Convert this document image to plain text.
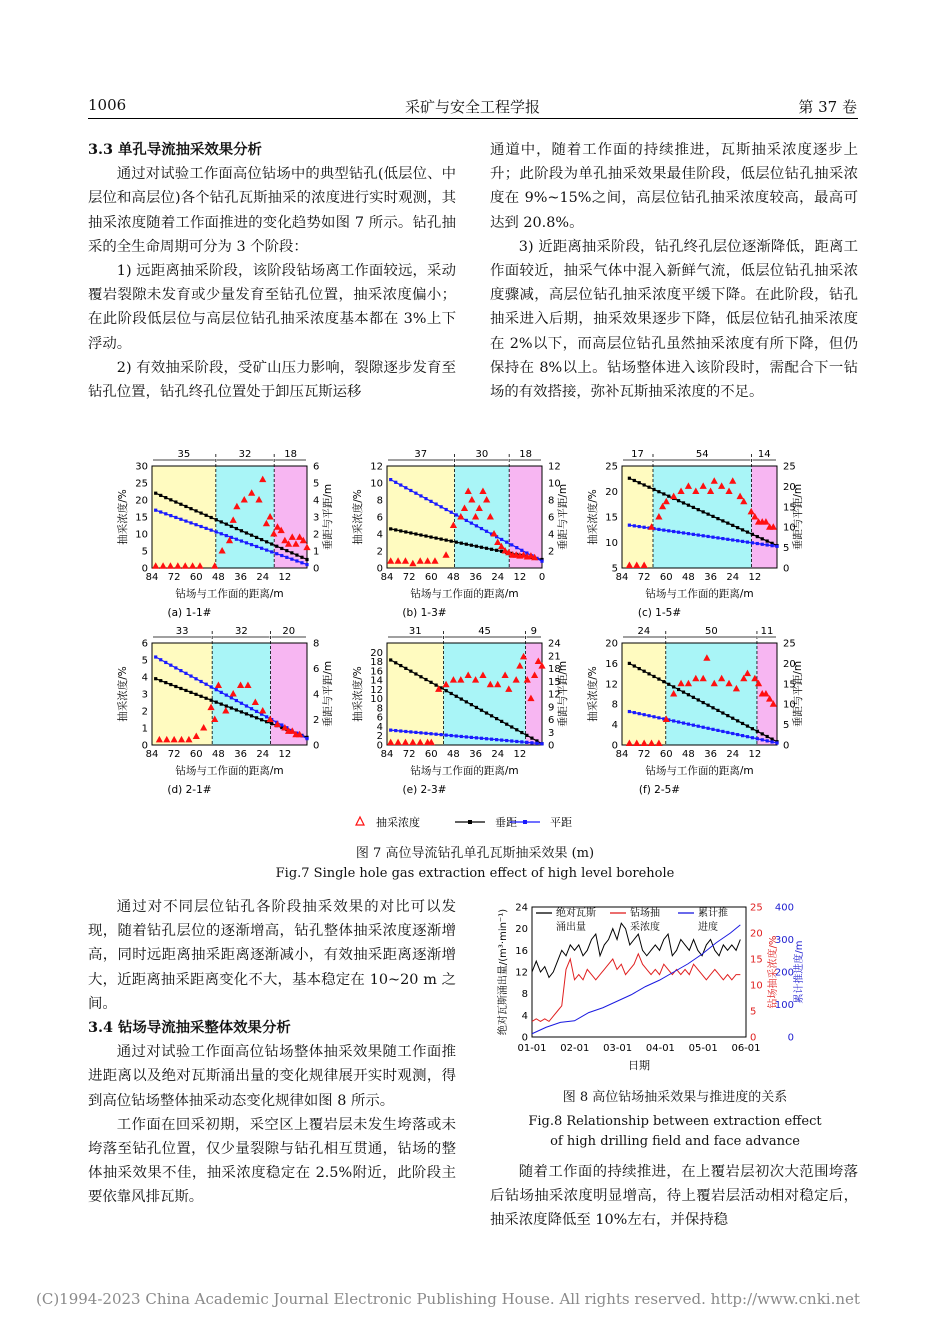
1006	采矿与安全工程学报	第 37 卷
3.3 单孔导流抽采效果分析

通过对试验工作面高位钻场中的典型钻孔(低层位、中层位和高层位)各个钻孔瓦斯抽采的浓度进行实时观测，其抽采浓度随着工作面推进的变化趋势如图 7 所示。钻孔抽采的全生命周期可分为 3 个阶段：

1) 远距离抽采阶段，该阶段钻场离工作面较远，采动覆岩裂隙未发育或少量发育至钻孔位置，抽采浓度偏小；在此阶段低层位与高层位钻孔抽采浓度基本都在 3%上下浮动。

2) 有效抽采阶段，受矿山压力影响，裂隙逐步发育至钻孔位置，钻孔终孔位置处于卸压瓦斯运移

通道中，随着工作面的持续推进，瓦斯抽采浓度逐步上升；此阶段为单孔抽采效果最佳阶段，低层位钻孔抽采浓度在 9%~15%之间，高层位钻孔抽采浓度较高，最高可达到 20.8%。

3) 近距离抽采阶段，钻孔终孔层位逐渐降低，距离工作面较近，抽采气体中混入新鲜气流，低层位钻孔抽采浓度骤减，高层位钻孔抽采浓度平缓下降。在此阶段，钻孔抽采进入后期，抽采效果逐步下降，低层位钻孔抽采浓度在 2%以下，而高层位钻孔虽然抽采浓度有所下降，但仍保持在 8%以上。钻场整体进入该阶段时，需配合下一钻场的有效搭接，弥补瓦斯抽采浓度的不足。

35	32	18
0
5
10
15
20
25
30
0
1
2
3
4
5
6
84 72 60 48 36 24 12
钻场与工作面的距离/m
抽采浓度/%	垂距与平距/m
(a) 1-1#
37	30	18
0
2
4
6
8
10
12
2
4
6
8
10
12
84 72 60 48 36 24 12 0
钻场与工作面的距离/m
抽采浓度/%	垂距与平距/m
(b) 1-3#
17	54	14
5
10
15
20
25
0
5
10
15
20
25
84 72 60 48 36 24 12
钻场与工作面的距离/m
抽采浓度/%	垂距与平距/m
(c) 1-5#
33	32	20
0
1
2
3
4
5
6
0
2
4
6
8
84 72 60 48 36 24 12
钻场与工作面的距离/m
抽采浓度/%	垂距与平距/m
(d) 2-1#
31	45	9
0
2
4
6
8
10
12
14
16
18
20
0
3
6
9
12
15
18
21
24
84 72 60 48 36 24 12
钻场与工作面的距离/m
抽采浓度/%	垂距与平距/m
(e) 2-3#
24	50	11
0
4
8
12
16
20
0
5
10
15
20
25
84 72 60 48 36 24 12
钻场与工作面的距离/m
抽采浓度/%	垂距与平距/m
(f) 2-5#
抽采浓度	垂距	平距
图 7 高位导流钻孔单孔瓦斯抽采效果 (m)
Fig.7 Single hole gas extraction effect of high level borehole

通过对不同层位钻孔各阶段抽采效果的对比可以发现，随着钻孔层位的逐渐增高，钻孔整体抽采浓度逐渐增高，同时远距离抽采距离逐渐减小，有效抽采距离逐渐增大，近距离抽采距离变化不大，基本稳定在 10~20 m 之间。

3.4 钻场导流抽采整体效果分析

通过对试验工作面高位钻场整体抽采效果随工作面推进距离以及绝对瓦斯涌出量的变化规律展开实时观测，得到高位钻场整体抽采动态变化规律如图 8 所示。

工作面在回采初期，采空区上覆岩层未发生垮落或未垮落至钻孔位置，仅少量裂隙与钻孔相互贯通，钻场的整体抽采效果不佳，抽采浓度稳定在 2.5%附近，此阶段主要依靠风排瓦斯。

0
4
8
12
16
20
24
0
5
10
15
20
25
0
100
200
300
400
01-01 02-01 03-01 04-01 05-01 06-01
日期
绝对瓦斯涌出量/(m³·min⁻¹)	钻场抽采浓度/% 累计推进度/m
绝对瓦斯
涌出量
钻场抽
采浓度
累计推
进度
图 8 高位钻场抽采效果与推进度的关系
Fig.8 Relationship between extraction effect
of high drilling field and face advance

随着工作面的持续推进，在上覆岩层初次大范围垮落后钻场抽采浓度明显增高，待上覆岩层活动相对稳定后，抽采浓度降低至 10%左右，并保持稳

(C)1994-2023 China Academic Journal Electronic Publishing House. All rights reserved. http://www.cnki.net
